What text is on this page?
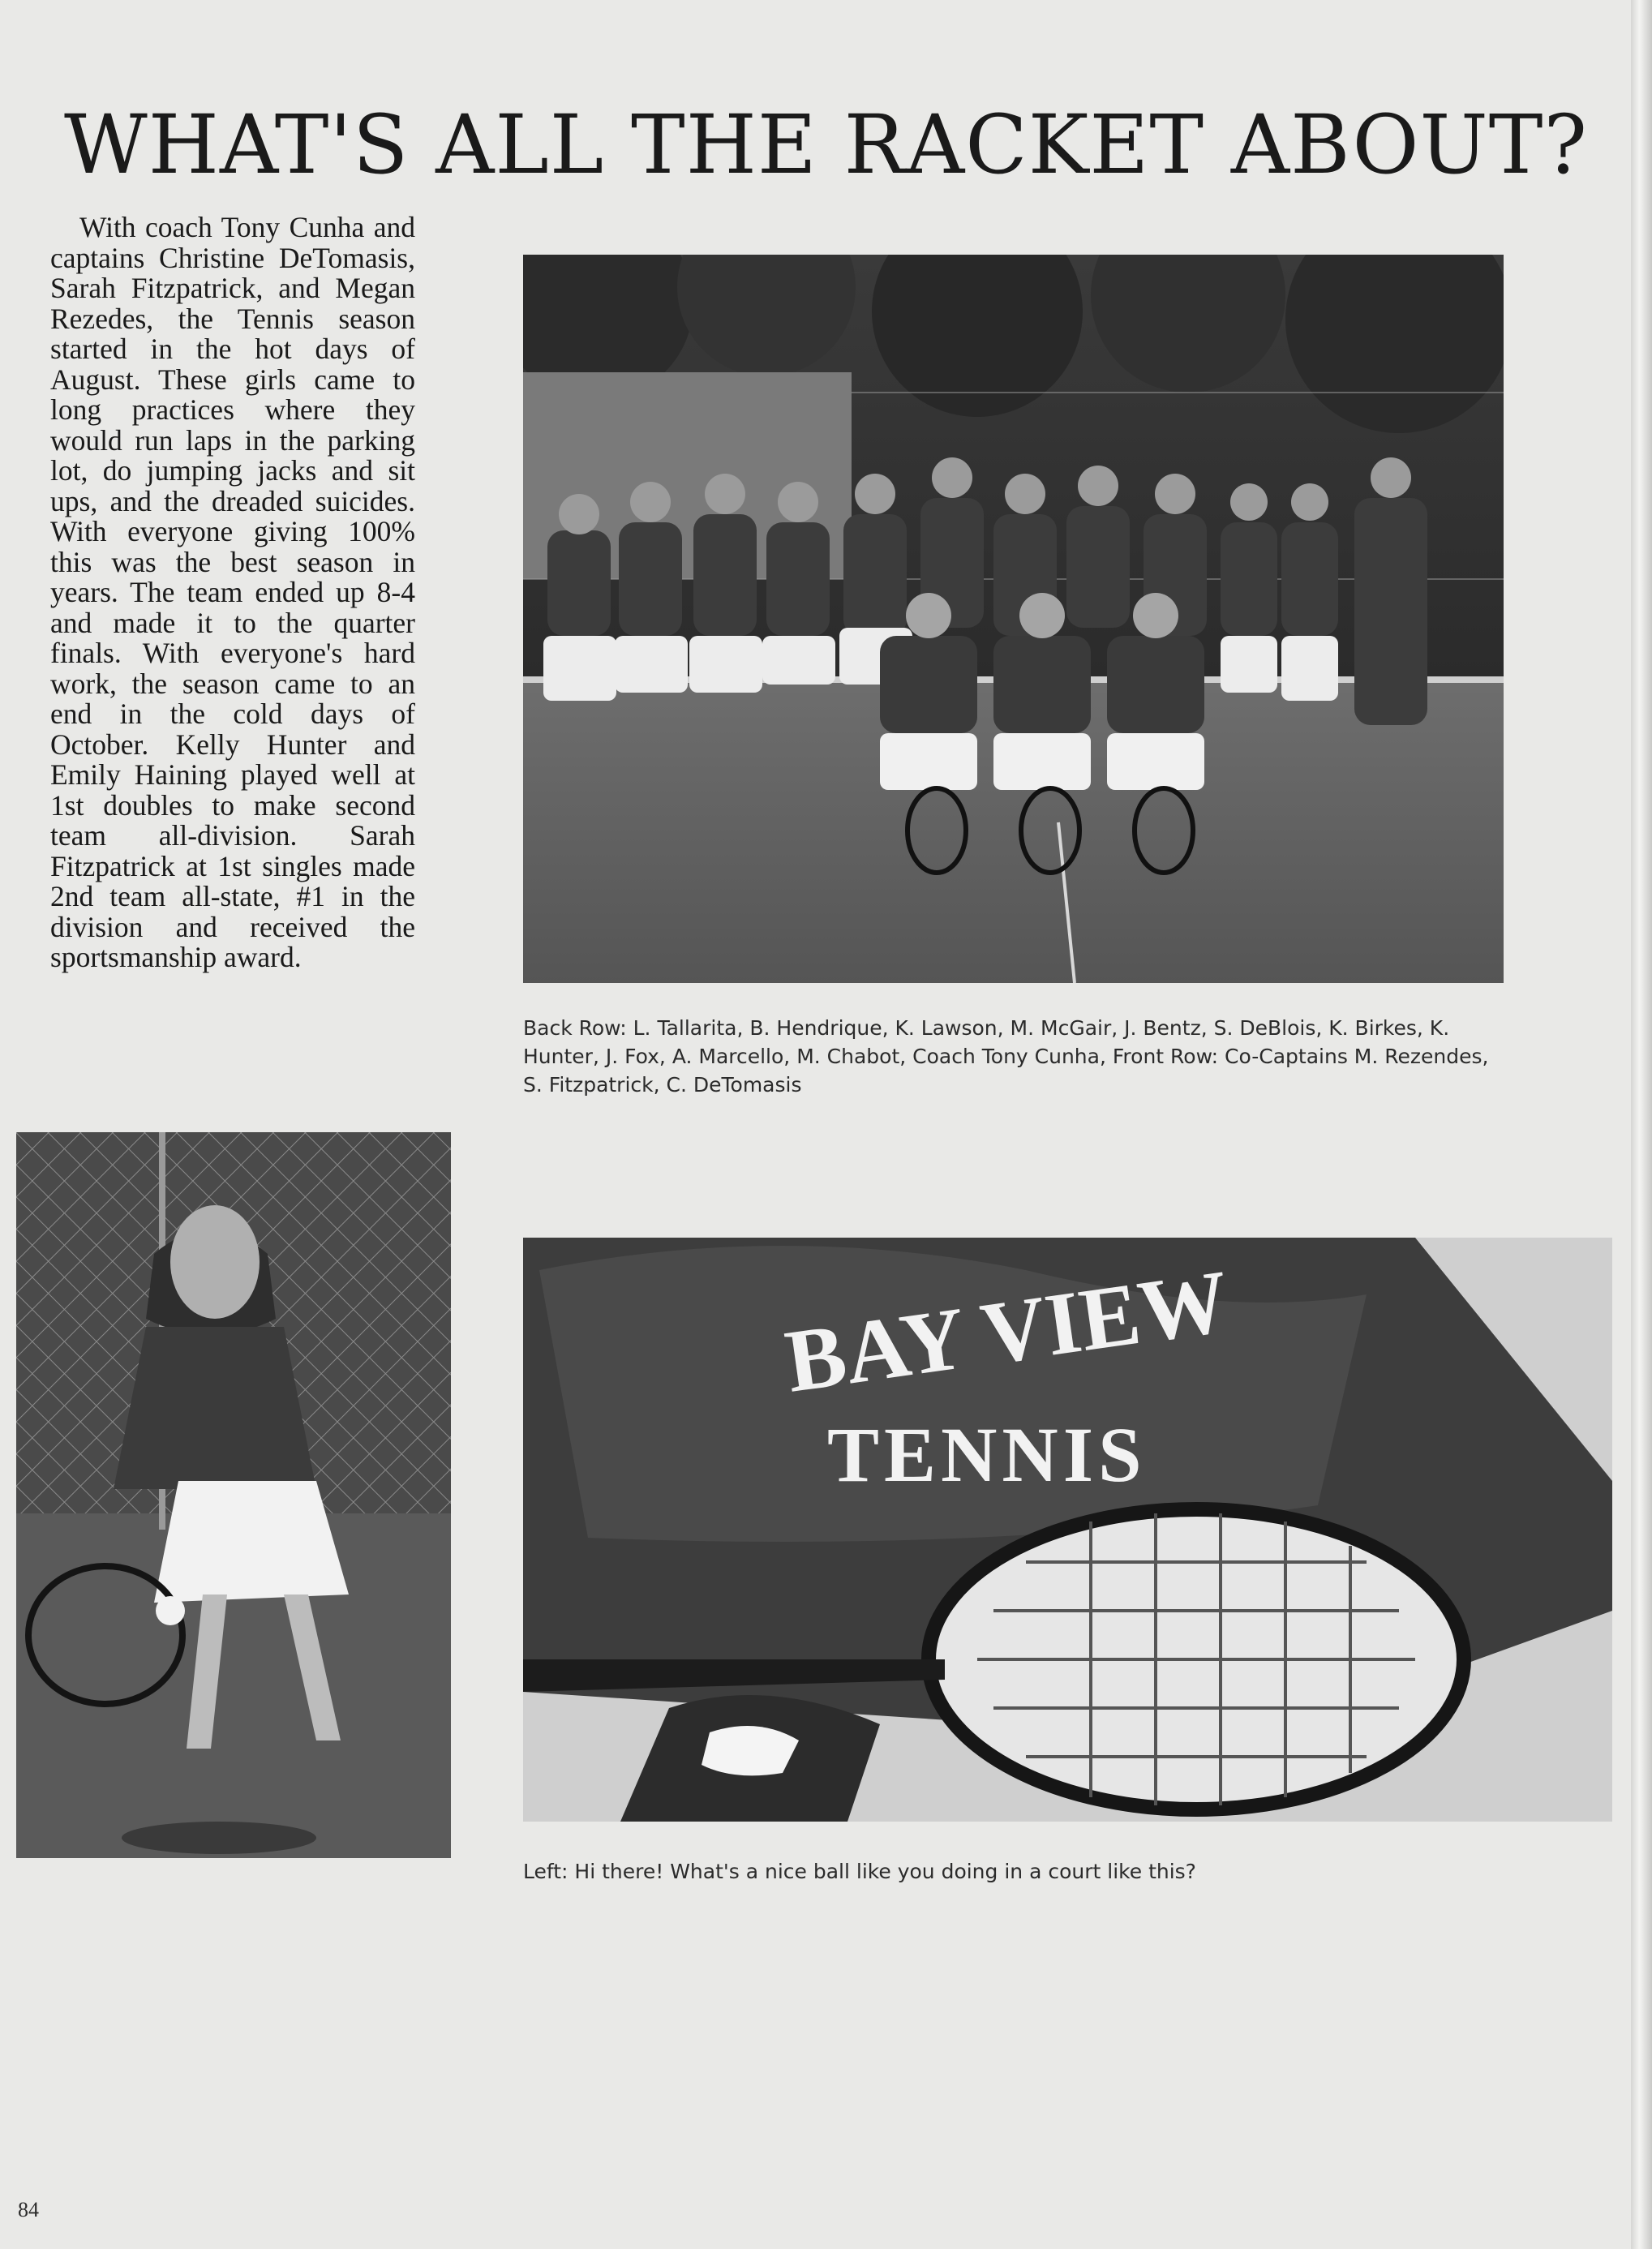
WHAT'S ALL THE RACKET ABOUT?

With coach Tony Cunha and captains Christine DeTomasis, Sarah Fitzpatrick, and Megan Rezedes, the Tennis season started in the hot days of August. These girls came to long practices where they would run laps in the parking lot, do jumping jacks and sit ups, and the dreaded suicides. With everyone giving 100% this was the best season in years. The team ended up 8-4 and made it to the quarter finals. With everyone's hard work, the season came to an end in the cold days of October. Kelly Hunter and Emily Haining played well at 1st doubles to make second team all-division. Sarah Fitzpatrick at 1st singles made 2nd team all-state, #1 in the division and received the sportsmanship award.

Back Row: L. Tallarita, B. Hendrique, K. Lawson, M. McGair, J. Bentz, S. DeBlois, K. Birkes, K. Hunter, J. Fox, A. Marcello, M. Chabot, Coach Tony Cunha, Front Row: Co-Captains M. Rezendes, S. Fitzpatrick, C. DeTomasis

BAY VIEW
TENNIS

Left: Hi there! What's a nice ball like you doing in a court like this?

84
